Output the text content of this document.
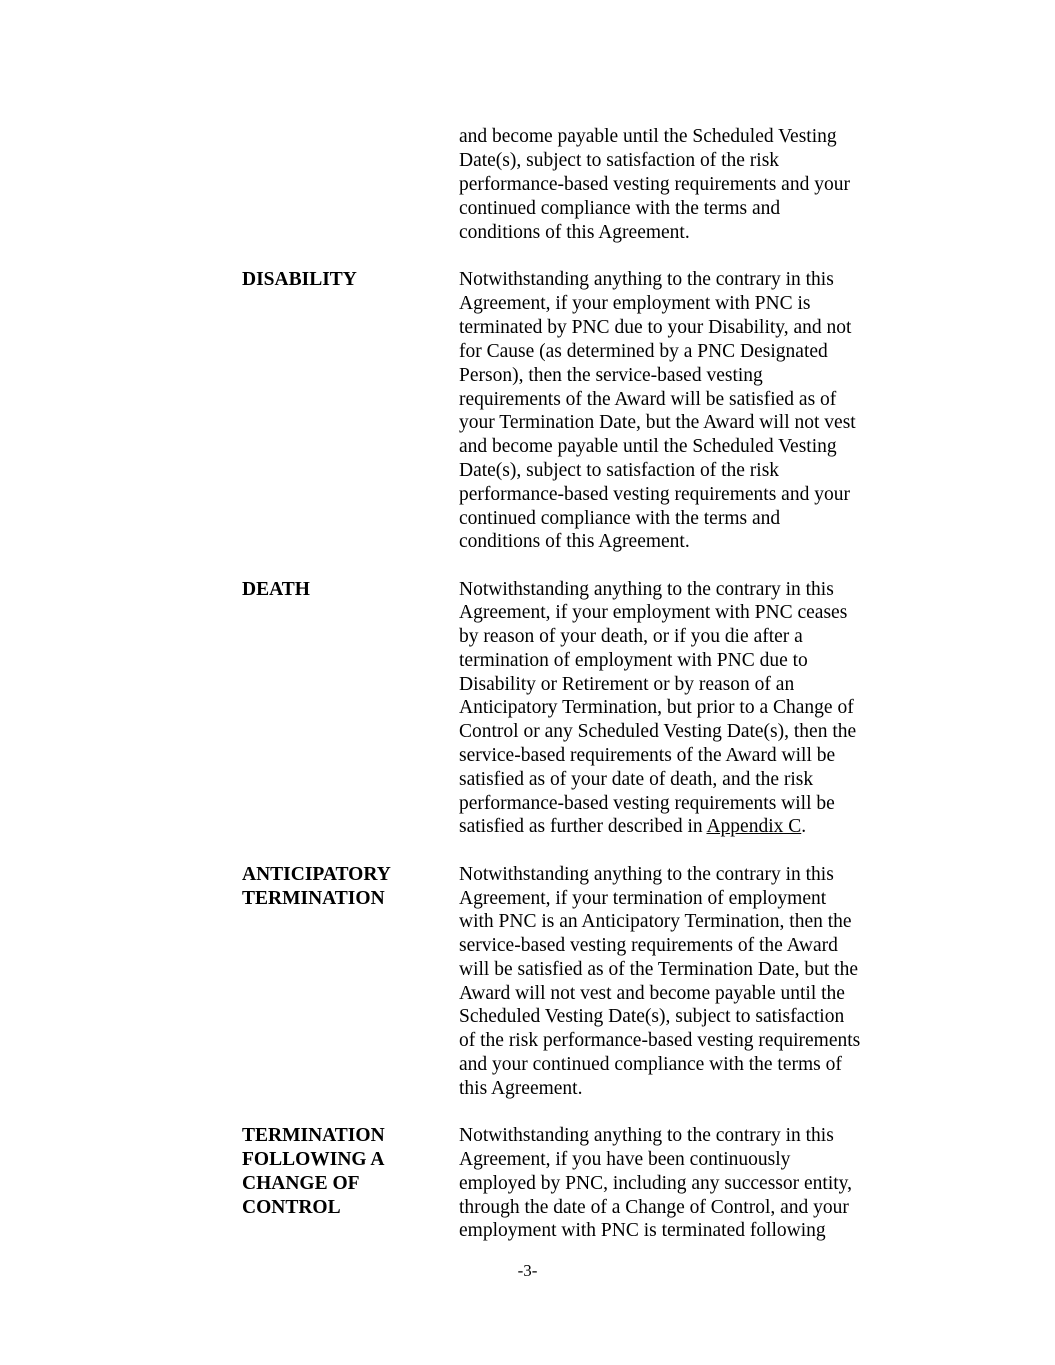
and become payable until the Scheduled Vesting
Date(s), subject to satisfaction of the risk
performance-based vesting requirements and your
continued compliance with the terms and
conditions of this Agreement.
DISABILITY	Notwithstanding anything to the contrary in this
Agreement, if your employment with PNC is
terminated by PNC due to your Disability, and not
for Cause (as determined by a PNC Designated
Person), then the service-based vesting
requirements of the Award will be satisfied as of
your Termination Date, but the Award will not vest
and become payable until the Scheduled Vesting
Date(s), subject to satisfaction of the risk
performance-based vesting requirements and your
continued compliance with the terms and
conditions of this Agreement.
DEATH	Notwithstanding anything to the contrary in this
Agreement, if your employment with PNC ceases
by reason of your death, or if you die after a
termination of employment with PNC due to
Disability or Retirement or by reason of an
Anticipatory Termination, but prior to a Change of
Control or any Scheduled Vesting Date(s), then the
service-based requirements of the Award will be
satisfied as of your date of death, and the risk
performance-based vesting requirements will be
satisfied as further described in Appendix C.
ANTICIPATORY
TERMINATION
Notwithstanding anything to the contrary in this
Agreement, if your termination of employment
with PNC is an Anticipatory Termination, then the
service-based vesting requirements of the Award
will be satisfied as of the Termination Date, but the
Award will not vest and become payable until the
Scheduled Vesting Date(s), subject to satisfaction
of the risk performance-based vesting requirements
and your continued compliance with the terms of
this Agreement.
TERMINATION
FOLLOWING A
CHANGE OF
CONTROL
Notwithstanding anything to the contrary in this
Agreement, if you have been continuously
employed by PNC, including any successor entity,
through the date of a Change of Control, and your
employment with PNC is terminated following
-3-
